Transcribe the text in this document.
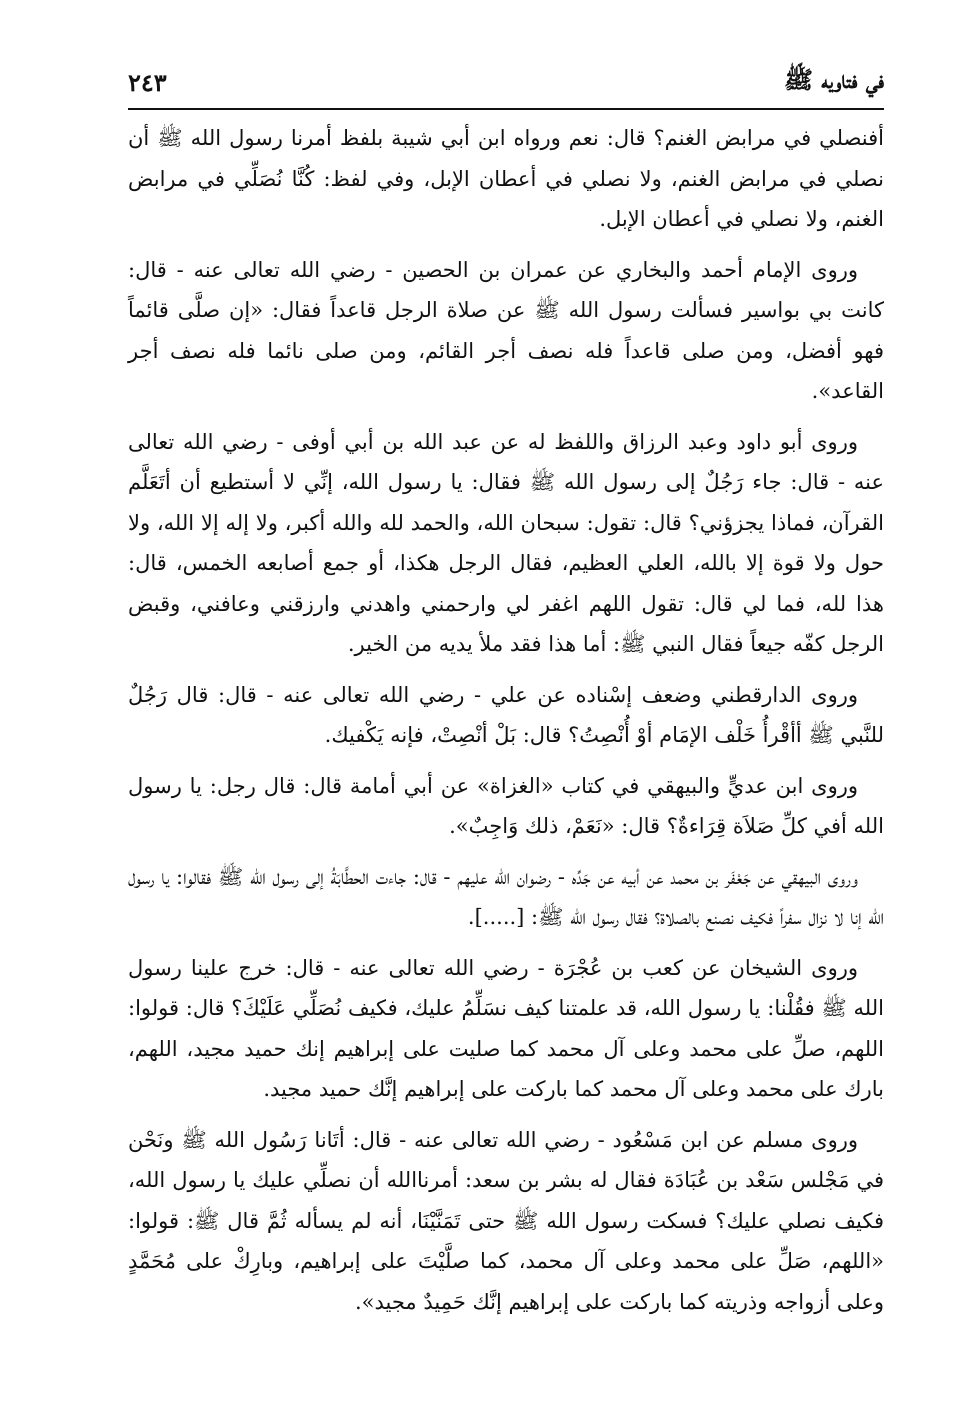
في فتاويه ﷺ
٢٤٣

أفنصلي في مرابض الغنم؟ قال: نعم ورواه ابن أبي شيبة بلفظ أمرنا رسول الله ﷺ أن نصلي في مرابض الغنم، ولا نصلي في أعطان الإبل، وفي لفظ: كُنَّا نُصَلِّي في مرابض الغنم، ولا نصلي في أعطان الإبل.

وروى الإمام أحمد والبخاري عن عمران بن الحصين - رضي الله تعالى عنه - قال: كانت بي بواسير فسألت رسول الله ﷺ عن صلاة الرجل قاعداً فقال: «إن صلَّى قائماً فهو أفضل، ومن صلى قاعداً فله نصف أجر القائم، ومن صلى نائما فله نصف أجر القاعد».

وروى أبو داود وعبد الرزاق واللفظ له عن عبد الله بن أبي أوفى - رضي الله تعالى عنه - قال: جاء رَجُلٌ إلى رسول الله ﷺ فقال: يا رسول الله، إنِّي لا أستطيع أن أتَعَلَّم القرآن، فماذا يجزؤني؟ قال: تقول: سبحان الله، والحمد لله والله أكبر، ولا إله إلا الله، ولا حول ولا قوة إلا بالله، العلي العظيم، فقال الرجل هكذا، أو جمع أصابعه الخمس، قال: هذا لله، فما لي قال: تقول اللهم اغفر لي وارحمني واهدني وارزقني وعافني، وقبض الرجل كفّه جيعاً فقال النبي ﷺ: أما هذا فقد ملأ يديه من الخير.

وروى الدارقطني وضعف إسْناده عن علي - رضي الله تعالى عنه - قال: قال رَجُلٌ للنَّبي ﷺ أأقْرأُ خَلْف الإمَام أوْ أُنْصِتُ؟ قال: بَلْ أنْصِتْ، فإنه يَكْفيك.

وروى ابن عديٍّ والبيهقي في كتاب «الغزاة» عن أبي أمامة قال: قال رجل: يا رسول الله أفي كلِّ صَلاَة قِرَاءةٌ؟ قال: «نَعَمْ، ذلك وَاجِبٌ».

وروى البيهقي عن جَعْفَر بن محمد عن أبيه عن جَدِّه - رضوان الله عليهم - قال: جاءت الحطَّابَةُ إلى رسول الله ﷺ فقالوا: يا رسول الله إنا لا نزال سفراً فكيف نصنع بالصلاة؟ فقال رسول الله ﷺ: [.....].

وروى الشيخان عن كعب بن عُجْرَة - رضي الله تعالى عنه - قال: خرج علينا رسول الله ﷺ فقُلْنا: يا رسول الله، قد علمتنا كيف نسَلِّمُ عليك، فكيف نُصَلِّي عَلَيْكَ؟ قال: قولوا: اللهم، صلِّ على محمد وعلى آل محمد كما صليت على إبراهيم إنك حميد مجيد، اللهم، بارك على محمد وعلى آل محمد كما باركت على إبراهيم إنَّك حميد مجيد.

وروى مسلم عن ابن مَسْعُود - رضي الله تعالى عنه - قال: أتَانا رَسُول الله ﷺ ونَحْن في مَجْلس سَعْد بن عُبَادَة فقال له بشر بن سعد: أمرناالله أن نصلِّي عليك يا رسول الله، فكيف نصلي عليك؟ فسكت رسول الله ﷺ حتى تَمَنَّيْنَا، أنه لم يسأله ثُمَّ قال ﷺ: قولوا: «اللهم، صَلِّ على محمد وعلى آل محمد، كما صلَّيْتَ على إبراهيم، وبارِكْ على مُحَمَّدٍ وعلى أزواجه وذريته كما باركت على إبراهيم إنَّك حَمِيدٌ مجيد».
